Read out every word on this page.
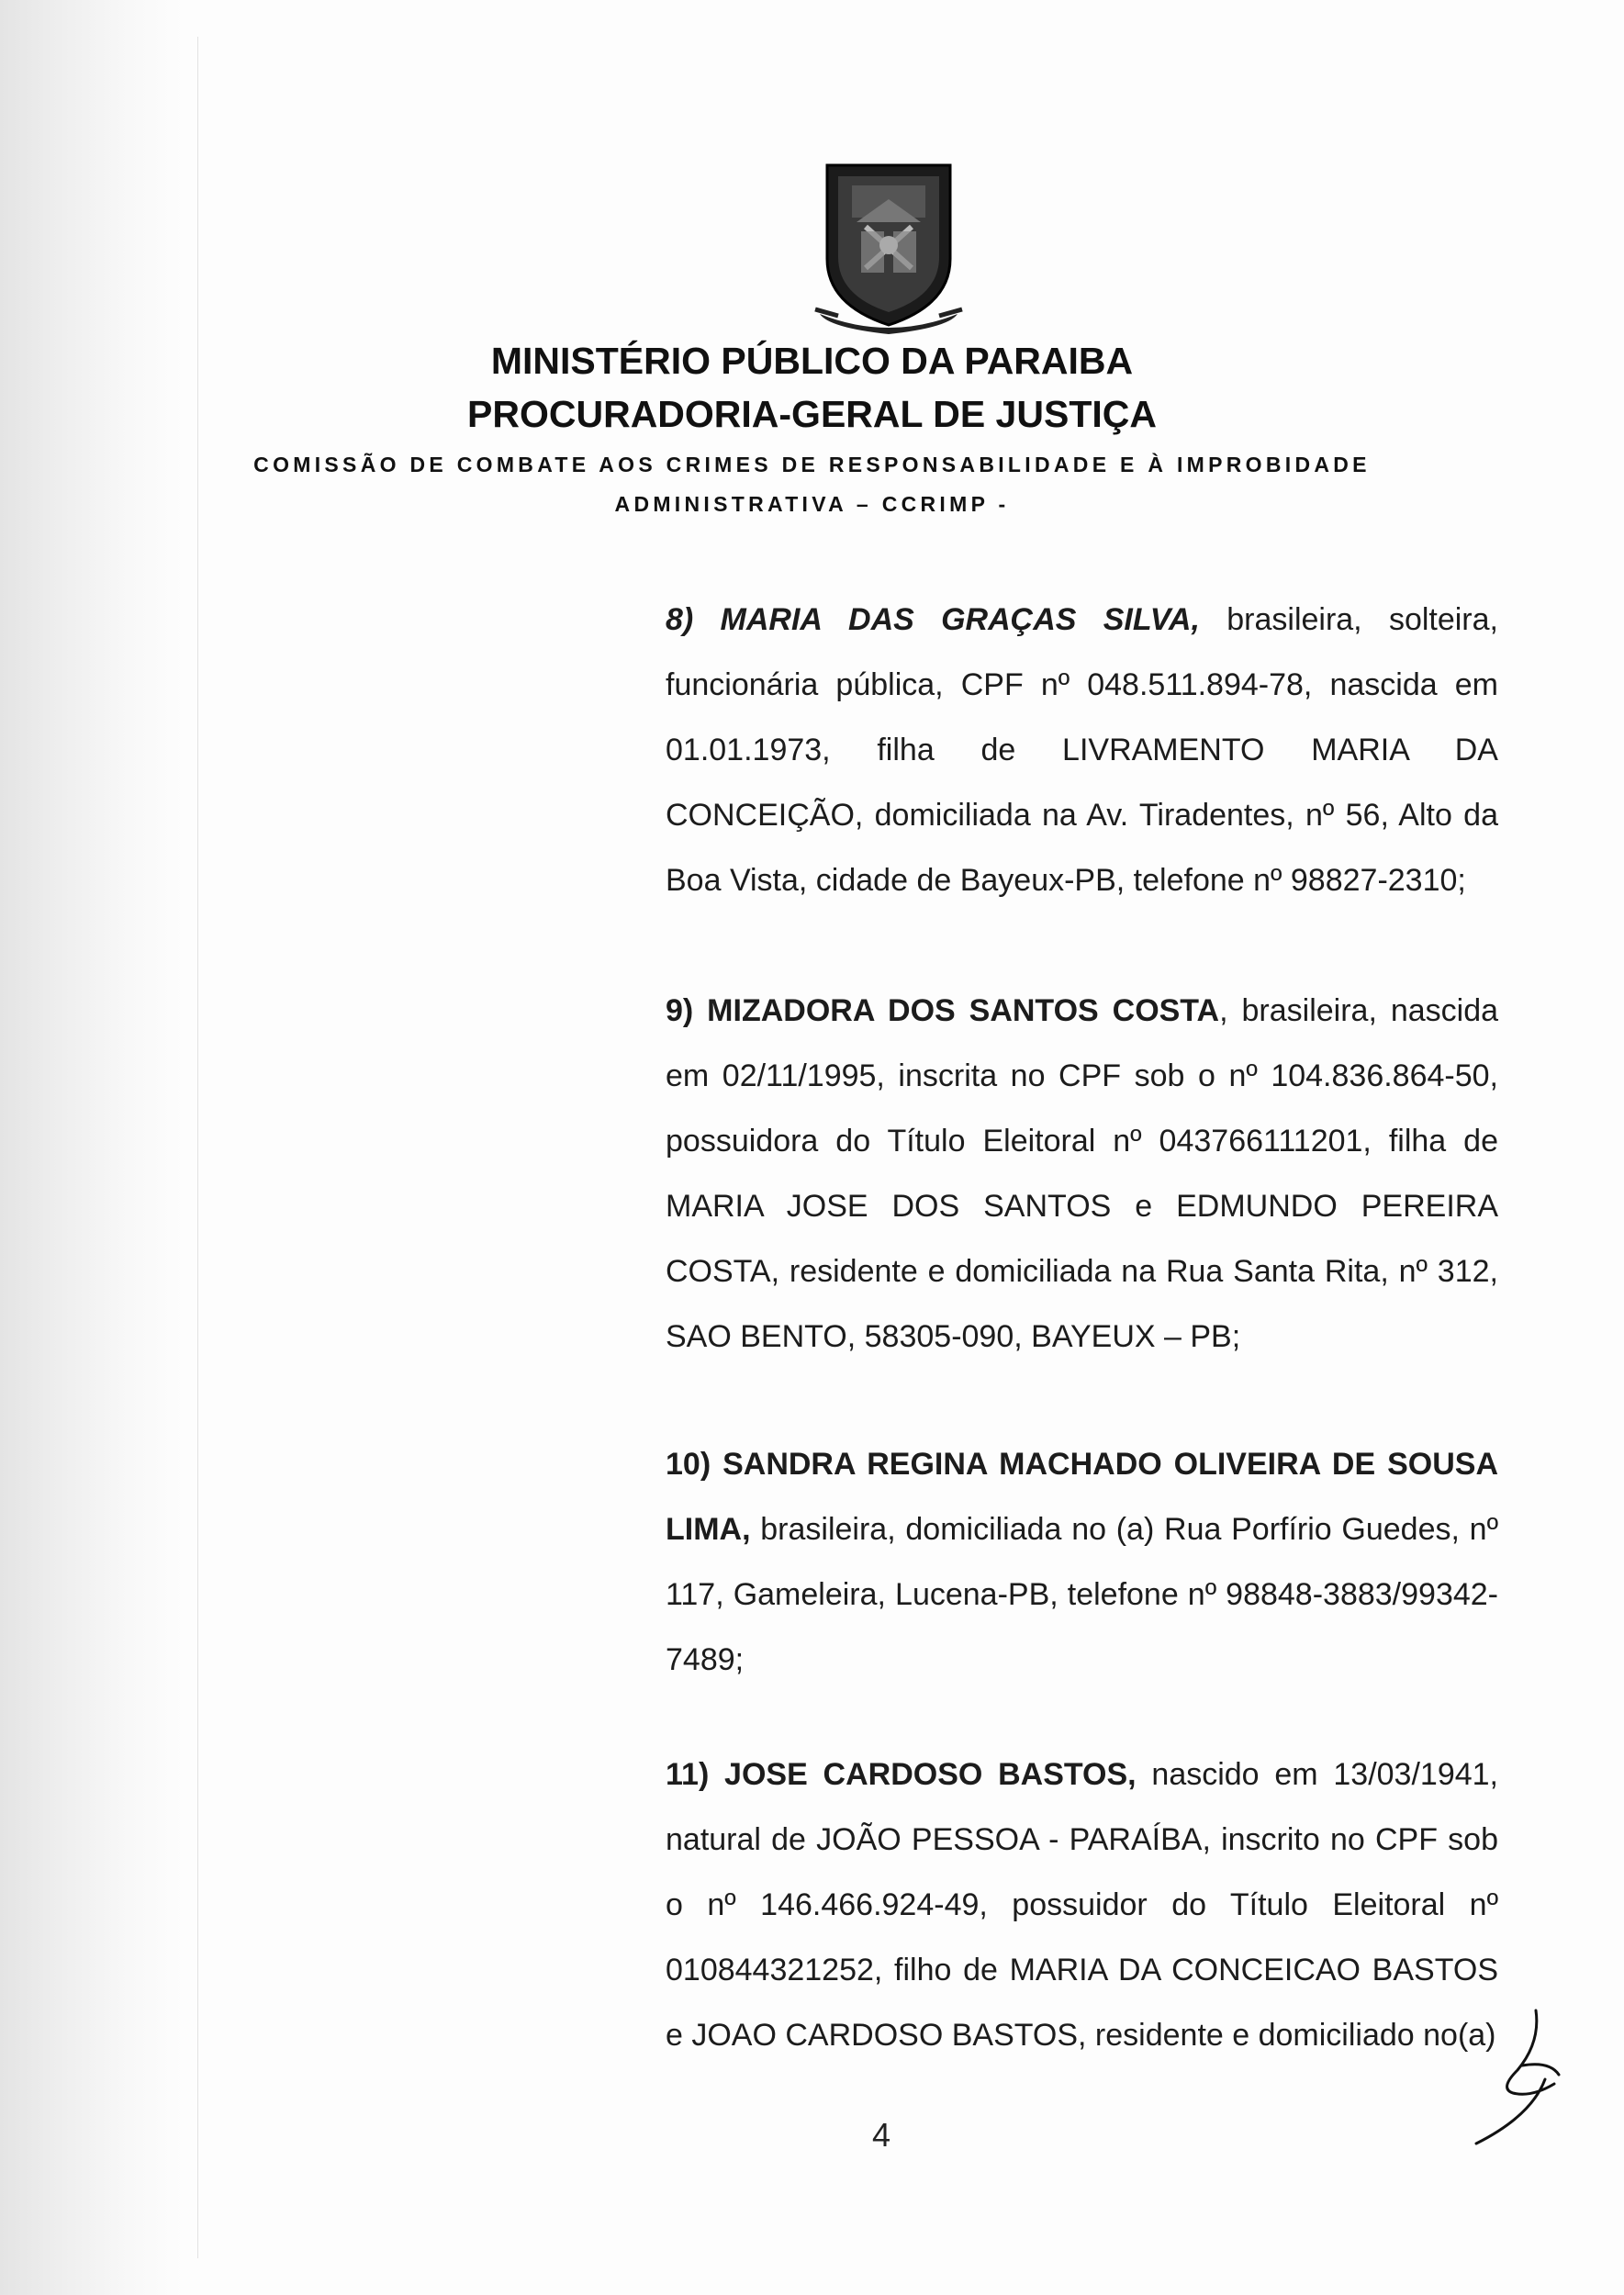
MINISTÉRIO PÚBLICO DA PARAIBA
PROCURADORIA-GERAL DE JUSTIÇA
COMISSÃO DE COMBATE AOS CRIMES DE RESPONSABILIDADE E À IMPROBIDADE
ADMINISTRATIVA – CCRIMP -
8) MARIA DAS GRAÇAS SILVA, brasileira, solteira, funcionária pública, CPF nº 048.511.894-78, nascida em 01.01.1973, filha de LIVRAMENTO MARIA DA CONCEIÇÃO, domiciliada na Av. Tiradentes, nº 56, Alto da Boa Vista, cidade de Bayeux-PB, telefone nº 98827-2310;
9) MIZADORA DOS SANTOS COSTA, brasileira, nascida em 02/11/1995, inscrita no CPF sob o nº 104.836.864-50, possuidora do Título Eleitoral nº 043766111201, filha de MARIA JOSE DOS SANTOS e EDMUNDO PEREIRA COSTA, residente e domiciliada na Rua Santa Rita, nº 312, SAO BENTO, 58305-090, BAYEUX – PB;
10) SANDRA REGINA MACHADO OLIVEIRA DE SOUSA LIMA, brasileira, domiciliada no (a) Rua Porfírio Guedes, nº 117, Gameleira, Lucena-PB, telefone nº 98848-3883/99342-7489;
11) JOSE CARDOSO BASTOS, nascido em 13/03/1941, natural de JOÃO PESSOA - PARAÍBA, inscrito no CPF sob o nº 146.466.924-49, possuidor do Título Eleitoral nº 010844321252, filho de MARIA DA CONCEICAO BASTOS e JOAO CARDOSO BASTOS, residente e domiciliado no(a)
4
